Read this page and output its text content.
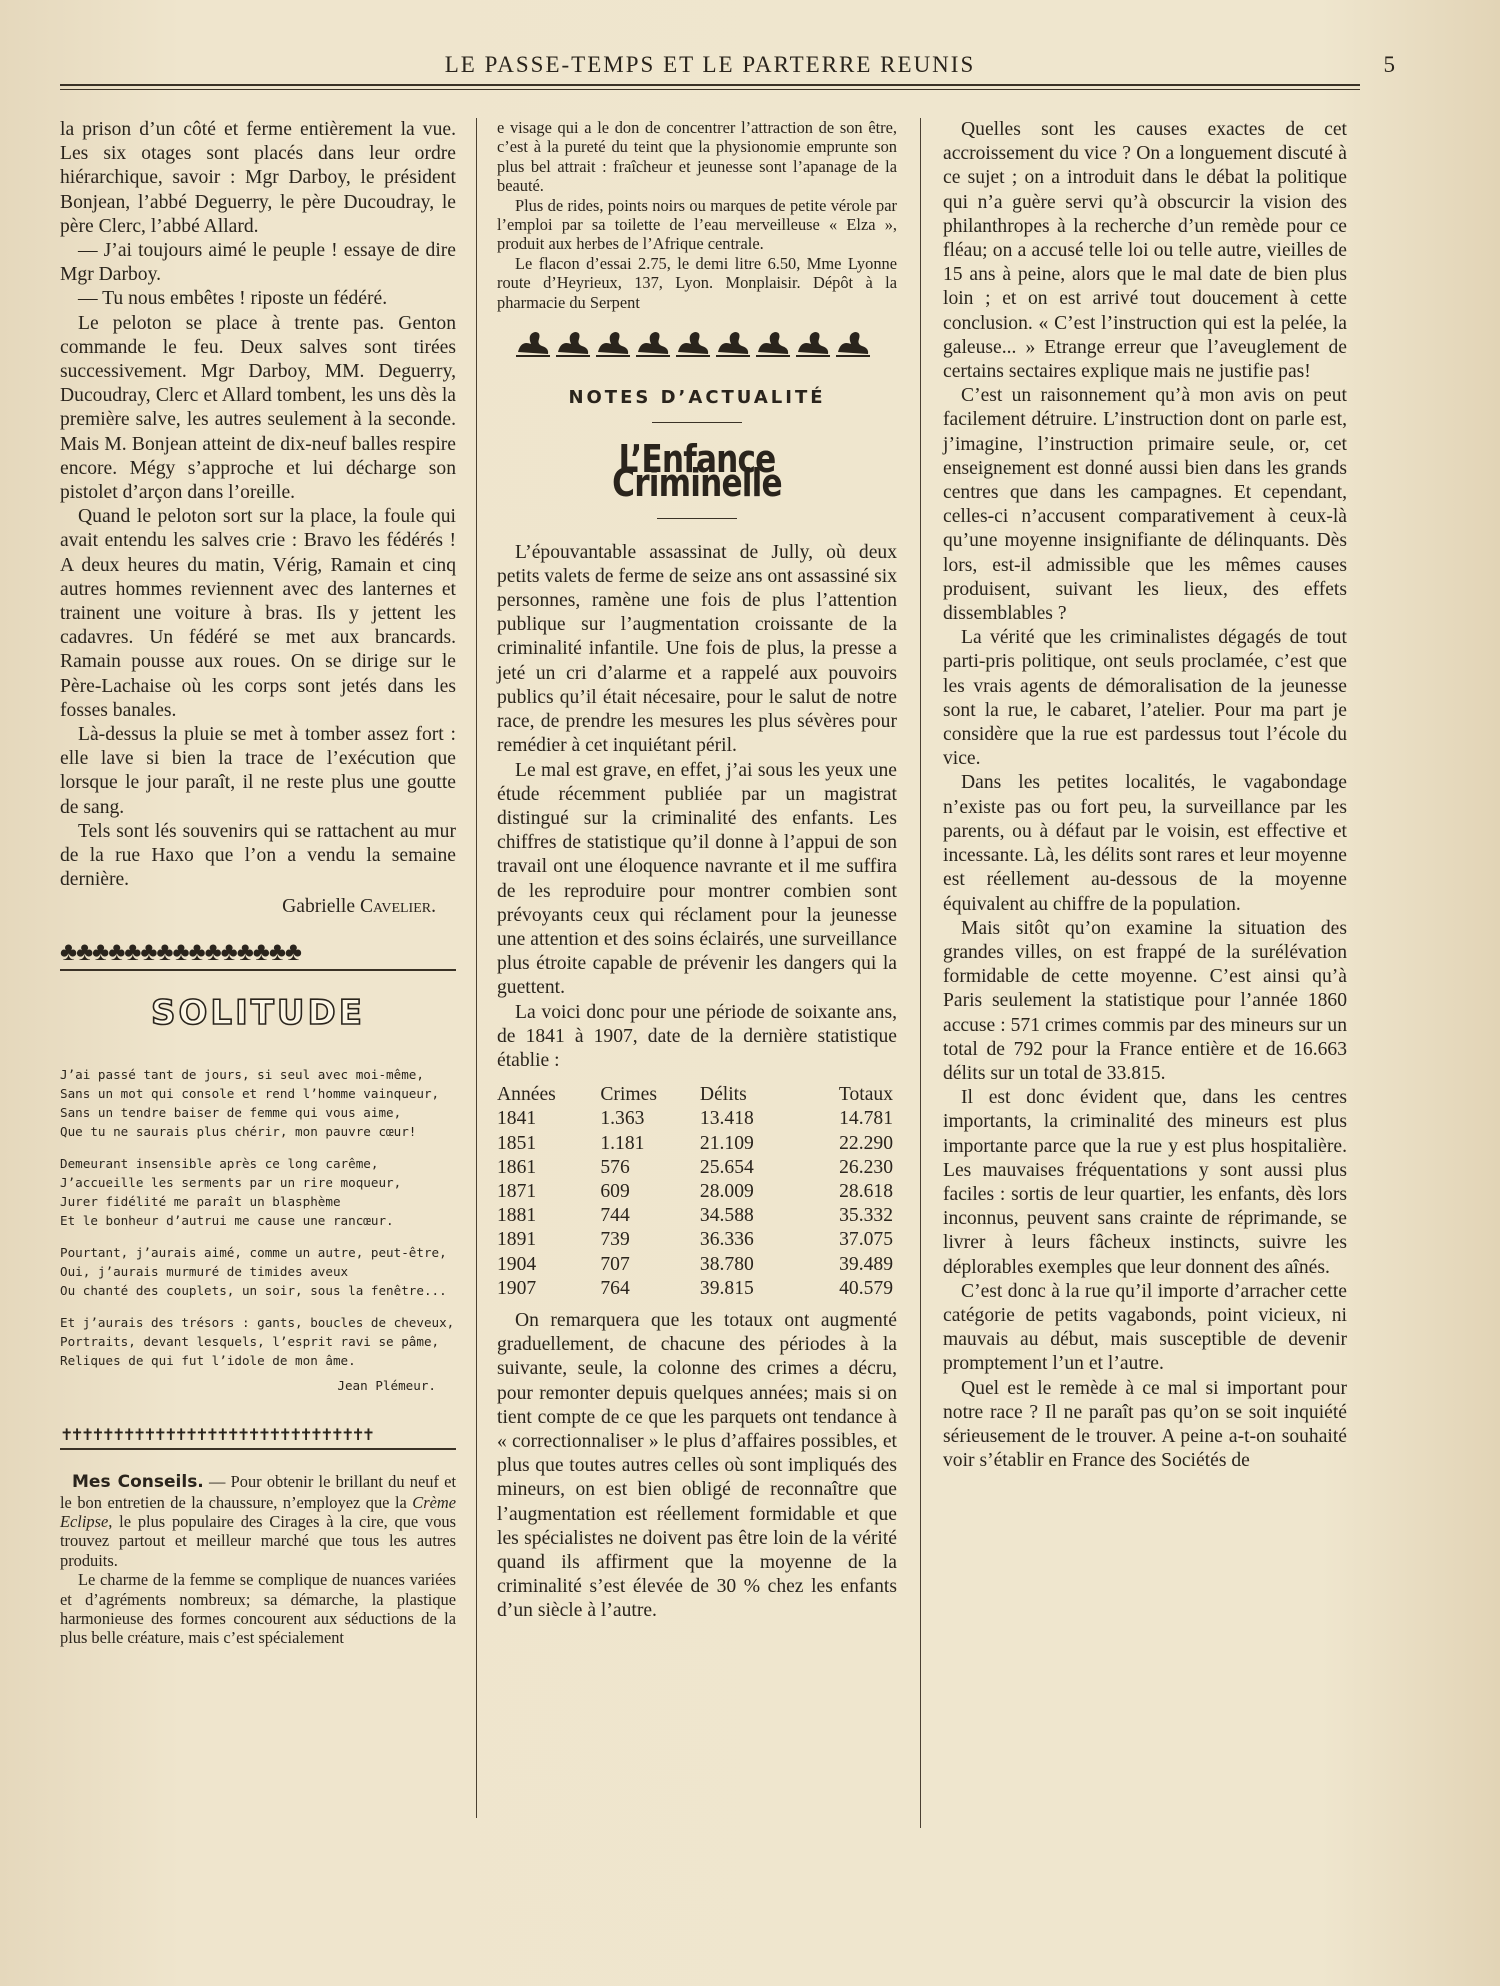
LE PASSE-TEMPS ET LE PARTERRE REUNIS	5

la prison d’un côté et ferme entièrement la vue. Les six otages sont placés dans leur ordre hiérarchique, savoir : Mgr Darboy, le président Bonjean, l’abbé Deguerry, le père Ducoudray, le père Clerc, l’abbé Allard.

— J’ai toujours aimé le peuple ! essaye de dire Mgr Darboy.

— Tu nous embêtes ! riposte un fédéré.

Le peloton se place à trente pas. Genton commande le feu. Deux salves sont tirées successivement. Mgr Darboy, MM. Deguerry, Ducoudray, Clerc et Allard tombent, les uns dès la première salve, les autres seulement à la seconde. Mais M. Bonjean atteint de dix-neuf balles respire encore. Mégy s’approche et lui décharge son pistolet d’arçon dans l’oreille.

Quand le peloton sort sur la place, la foule qui avait entendu les salves crie : Bravo les fédérés ! A deux heures du matin, Vérig, Ramain et cinq autres hommes reviennent avec des lanternes et trainent une voiture à bras. Ils y jettent les cadavres. Un fédéré se met aux brancards. Ramain pousse aux roues. On se dirige sur le Père-Lachaise où les corps sont jetés dans les fosses banales.

Là-dessus la pluie se met à tomber assez fort : elle lave si bien la trace de l’exécution que lorsque le jour paraît, il ne reste plus une goutte de sang.

Tels sont lés souvenirs qui se rattachent au mur de la rue Haxo que l’on a vendu la semaine dernière.

Gabrielle Cavelier.
♣♣♣♣♣♣♣♣♣♣♣♣♣♣♣
SOLITUDE
J’ai passé tant de jours, si seul avec moi-même,
Sans un mot qui console et rend l’homme vainqueur,
Sans un tendre baiser de femme qui vous aime,
Que tu ne saurais plus chérir, mon pauvre cœur!
Demeurant insensible après ce long carême,
J’accueille les serments par un rire moqueur,
Jurer fidélité me paraît un blasphème
Et le bonheur d’autrui me cause une rancœur.
Pourtant, j’aurais aimé, comme un autre, peut-être,
Oui, j’aurais murmuré de timides aveux
Ou chanté des couplets, un soir, sous la fenêtre...
Et j’aurais des trésors : gants, boucles de cheveux,
Portraits, devant lesquels, l’esprit ravi se pâme,
Reliques de qui fut l’idole de mon âme.
Jean Plémeur.
✝✝✝✝✝✝✝✝✝✝✝✝✝✝✝✝✝✝✝✝✝✝✝✝✝✝✝✝✝✝

Mes Conseils. — Pour obtenir le brillant du neuf et le bon entretien de la chaussure, n’employez que la Crème Eclipse, le plus populaire des Cirages à la cire, que vous trouvez partout et meilleur marché que tous les autres produits.

Le charme de la femme se complique de nuances variées et d’agréments nombreux; sa démarche, la plastique harmonieuse des formes concourent aux séductions de la plus belle créature, mais c’est spécialement

e visage qui a le don de concentrer l’attraction de son être, c’est à la pureté du teint que la physionomie emprunte son plus bel attrait : fraîcheur et jeunesse sont l’apanage de la beauté.

Plus de rides, points noirs ou marques de petite vérole par l’emploi par sa toilette de l’eau merveilleuse « Elza », produit aux herbes de l’Afrique centrale.

Le flacon d’essai 2.75, le demi litre 6.50, Mme Lyonne route d’Heyrieux, 137, Lyon. Monplaisir. Dépôt à la pharmacie du Serpent

NOTES D’ACTUALITÉ
L’Enfance Criminelle

L’épouvantable assassinat de Jully, où deux petits valets de ferme de seize ans ont assassiné six personnes, ramène une fois de plus l’attention publique sur l’augmentation croissante de la criminalité infantile. Une fois de plus, la presse a jeté un cri d’alarme et a rappelé aux pouvoirs publics qu’il était nécesaire, pour le salut de notre race, de prendre les mesures les plus sévères pour remédier à cet inquiétant péril.

Le mal est grave, en effet, j’ai sous les yeux une étude récemment publiée par un magistrat distingué sur la criminalité des enfants. Les chiffres de statistique qu’il donne à l’appui de son travail ont une éloquence navrante et il me suffira de les reproduire pour montrer combien sont prévoyants ceux qui réclament pour la jeunesse une attention et des soins éclairés, une surveillance plus étroite capable de prévenir les dangers qui la guettent.

La voici donc pour une période de soixante ans, de 1841 à 1907, date de la dernière statistique établie :

Années	Crimes	Délits	Totaux
1841	1.363	13.418	14.781
1851	1.181	21.109	22.290
1861	576	25.654	26.230
1871	609	28.009	28.618
1881	744	34.588	35.332
1891	739	36.336	37.075
1904	707	38.780	39.489
1907	764	39.815	40.579

On remarquera que les totaux ont augmenté graduellement, de chacune des périodes à la suivante, seule, la colonne des crimes a décru, pour remonter depuis quelques années; mais si on tient compte de ce que les parquets ont tendance à « correctionnaliser » le plus d’affaires possibles, et plus que toutes autres celles où sont impliqués des mineurs, on est bien obligé de reconnaître que l’augmentation est réellement formidable et que les spécialistes ne doivent pas être loin de la vérité quand ils affirment que la moyenne de la criminalité s’est élevée de 30 % chez les enfants d’un siècle à l’autre.

Quelles sont les causes exactes de cet accroissement du vice ? On a longuement discuté à ce sujet ; on a introduit dans le débat la politique qui n’a guère servi qu’à obscurcir la vision des philanthropes à la recherche d’un remède pour ce fléau; on a accusé telle loi ou telle autre, vieilles de 15 ans à peine, alors que le mal date de bien plus loin ; et on est arrivé tout doucement à cette conclusion. « C’est l’instruction qui est la pelée, la galeuse... » Etrange erreur que l’aveuglement de certains sectaires explique mais ne justifie pas!

C’est un raisonnement qu’à mon avis on peut facilement détruire. L’instruction dont on parle est, j’imagine, l’instruction primaire seule, or, cet enseignement est donné aussi bien dans les grands centres que dans les campagnes. Et cependant, celles-ci n’accusent comparativement à ceux-là qu’une moyenne insignifiante de délinquants. Dès lors, est-il admissible que les mêmes causes produisent, suivant les lieux, des effets dissemblables ?

La vérité que les criminalistes dégagés de tout parti-pris politique, ont seuls proclamée, c’est que les vrais agents de démoralisation de la jeunesse sont la rue, le cabaret, l’atelier. Pour ma part je considère que la rue est pardessus tout l’école du vice.

Dans les petites localités, le vagabondage n’existe pas ou fort peu, la surveillance par les parents, ou à défaut par le voisin, est effective et incessante. Là, les délits sont rares et leur moyenne est réellement au-dessous de la moyenne équivalent au chiffre de la population.

Mais sitôt qu’on examine la situation des grandes villes, on est frappé de la surélévation formidable de cette moyenne. C’est ainsi qu’à Paris seulement la statistique pour l’année 1860 accuse : 571 crimes commis par des mineurs sur un total de 792 pour la France entière et de 16.663 délits sur un total de 33.815.

Il est donc évident que, dans les centres importants, la criminalité des mineurs est plus importante parce que la rue y est plus hospitalière. Les mauvaises fréquentations y sont aussi plus faciles : sortis de leur quartier, les enfants, dès lors inconnus, peuvent sans crainte de réprimande, se livrer à leurs fâcheux instincts, suivre les déplorables exemples que leur donnent des aînés.

C’est donc à la rue qu’il importe d’arracher cette catégorie de petits vagabonds, point vicieux, ni mauvais au début, mais susceptible de devenir promptement l’un et l’autre.

Quel est le remède à ce mal si important pour notre race ? Il ne paraît pas qu’on se soit inquiété sérieusement de le trouver. A peine a-t-on souhaité voir s’établir en France des Sociétés de
